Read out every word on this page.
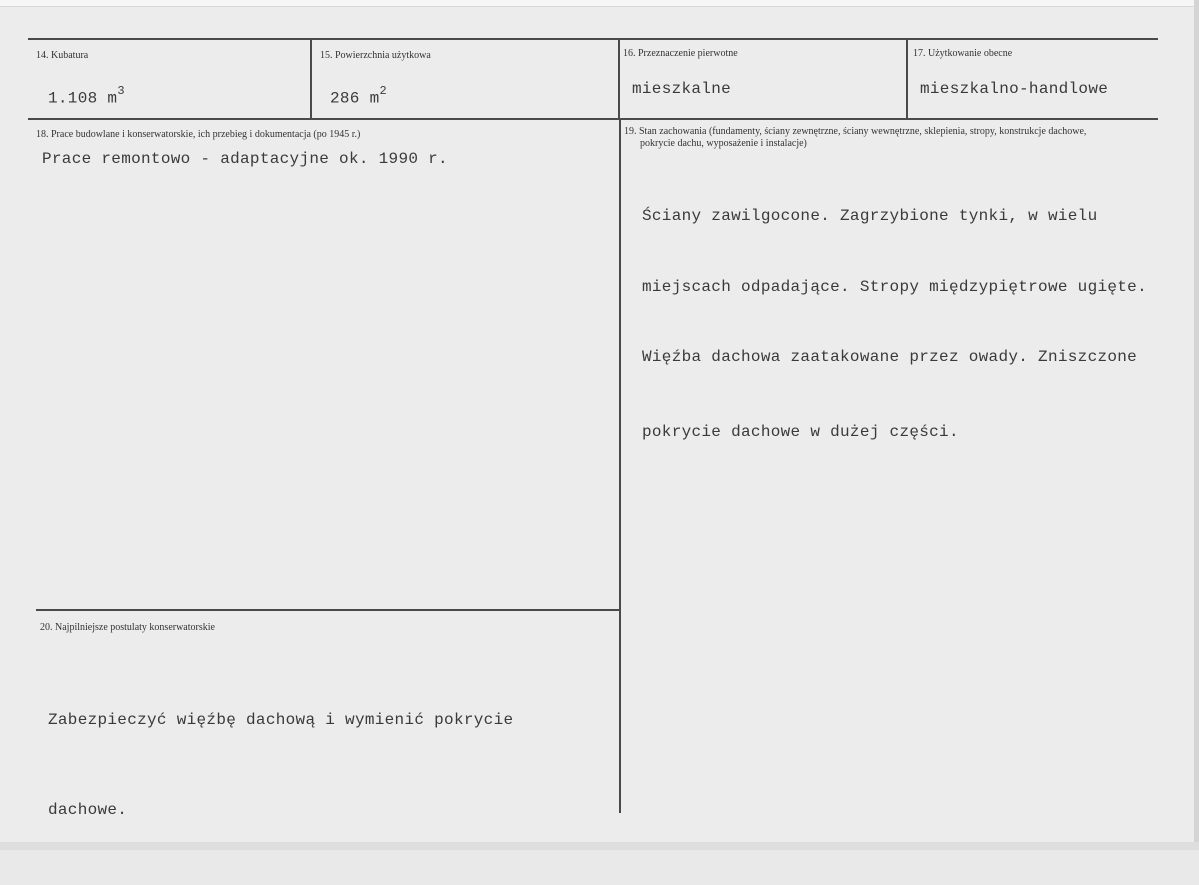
14. Kubatura
1.108 $m^3$
15. Powierzchnia użytkowa
286 $m^2$
16. Przeznaczenie pierwotne
mieszkalne
17. Użytkowanie obecne
mieszkalno-handlowe
18. Prace budowlane i konserwatorskie, ich przebieg i dokumentacja (po 1945 r.)
Prace remontowo - adaptacyjne ok. 1990 r.
19. Stan zachowania (fundamenty, ściany zewnętrzne, ściany wewnętrzne, sklepienia, stropy, konstrukcje dachowe,
pokrycie dachu, wyposażenie i instalacje)

Ściany zawilgocone. Zagrzybione tynki, w wielu

miejscach odpadające. Stropy międzypiętrowe ugięte.

Więźba dachowa zaatakowane przez owady. Zniszczone

pokrycie dachowe w dużej części.

20. Najpilniejsze postulaty konserwatorskie

Zabezpieczyć więźbę dachową i wymienić pokrycie

dachowe.
